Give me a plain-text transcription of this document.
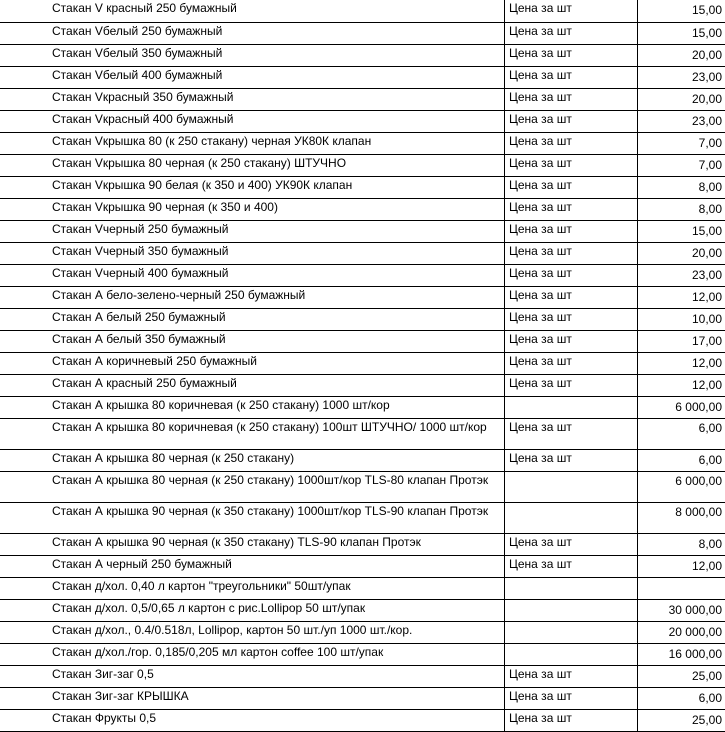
	Стакан V красный 250 бумажный	Цена за шт	15,00
	Стакан Vбелый 250 бумажный	Цена за шт	15,00
	Стакан Vбелый 350 бумажный	Цена за шт	20,00
	Стакан Vбелый 400 бумажный	Цена за шт	23,00
	Стакан Vкрасный 350 бумажный	Цена за шт	20,00
	Стакан Vкрасный 400 бумажный	Цена за шт	23,00
	Стакан Vкрышка 80 (к 250 стакану) черная УК80К клапан	Цена за шт	7,00
	Стакан Vкрышка 80 черная (к 250 стакану) ШТУЧНО	Цена за шт	7,00
	Стакан Vкрышка 90 белая (к 350 и 400) УК90К клапан	Цена за шт	8,00
	Стакан Vкрышка 90 черная (к 350 и 400)	Цена за шт	8,00
	Стакан Vчерный 250 бумажный	Цена за шт	15,00
	Стакан Vчерный 350 бумажный	Цена за шт	20,00
	Стакан Vчерный 400 бумажный	Цена за шт	23,00
	Стакан А бело-зелено-черный 250 бумажный	Цена за шт	12,00
	Стакан А белый 250 бумажный	Цена за шт	10,00
	Стакан А белый 350 бумажный	Цена за шт	17,00
	Стакан А коричневый 250 бумажный	Цена за шт	12,00
	Стакан А красный 250 бумажный	Цена за шт	12,00
	Стакан А крышка 80 коричневая (к 250 стакану) 1000 шт/кор		6 000,00
	Стакан А крышка 80 коричневая (к 250 стакану) 100шт ШТУЧНО/ 1000 шт/кор	Цена за шт	6,00
	Стакан А крышка 80 черная (к 250 стакану)	Цена за шт	6,00
	Стакан А крышка 80 черная (к 250 стакану) 1000шт/кор TLS-80 клапан Протэк		6 000,00
	Стакан А крышка 90 черная (к 350 стакану) 1000шт/кор TLS-90 клапан Протэк		8 000,00
	Стакан А крышка 90 черная (к 350 стакану) TLS-90 клапан Протэк	Цена за шт	8,00
	Стакан А черный 250 бумажный	Цена за шт	12,00
	Стакан д/хол. 0,40 л картон "треугольники" 50шт/упак		
	Стакан д/хол. 0,5/0,65 л картон с рис.Lollipop 50 шт/упак		30 000,00
	Стакан д/хол., 0.4/0.518л, Lollipop, картон 50 шт./уп 1000 шт./кор.		20 000,00
	Стакан д/хол./гор. 0,185/0,205 мл картон coffee 100 шт/упак		16 000,00
	Стакан Зиг-заг 0,5	Цена за шт	25,00
	Стакан Зиг-заг КРЫШКА	Цена за шт	6,00
	Стакан Фрукты 0,5	Цена за шт	25,00
